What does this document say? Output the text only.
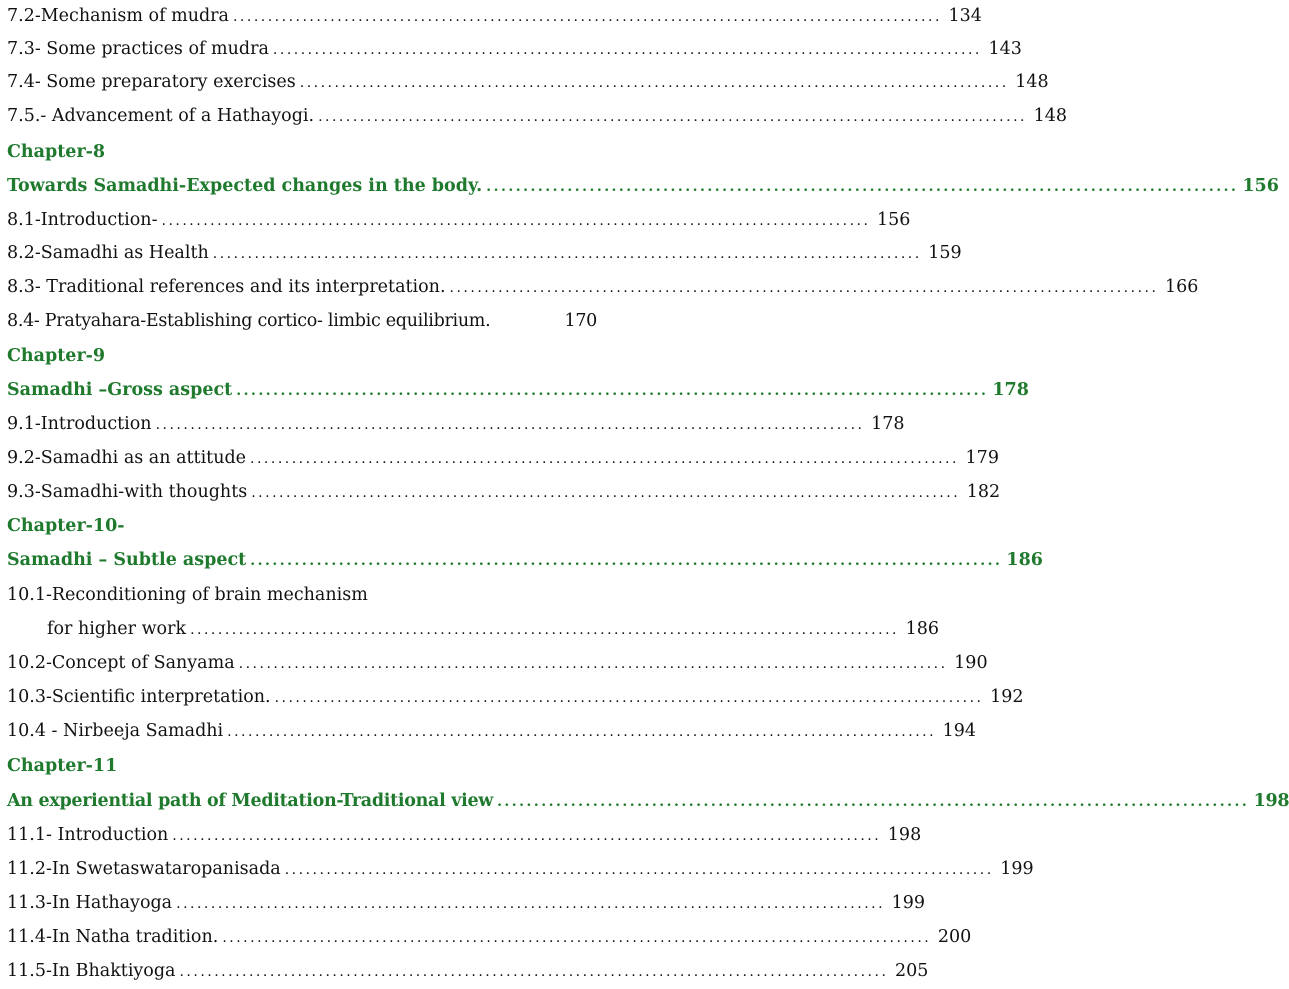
7.2-Mechanism of mudra ...................................................................................................... 134
7.3- Some practices of mudra ...................................................................................................... 143
7.4- Some preparatory exercises ...................................................................................................... 148
7.5.- Advancement of a Hathayogi. ...................................................................................................... 148
Chapter-8
Towards Samadhi-Expected changes in the body. ...................................................................................................... 156
8.1-Introduction- ...................................................................................................... 156
8.2-Samadhi as Health ...................................................................................................... 159
8.3- Traditional references and its interpretation. ...................................................................................................... 166
8.4- Pratyahara-Establishing cortico- limbic equilibrium.	170
Chapter-9
Samadhi –Gross aspect ...................................................................................................... 178
9.1-Introduction ...................................................................................................... 178
9.2-Samadhi as an attitude ...................................................................................................... 179
9.3-Samadhi-with thoughts ...................................................................................................... 182
Chapter-10-
Samadhi – Subtle aspect ...................................................................................................... 186
10.1-Reconditioning of brain mechanism
for higher work ...................................................................................................... 186
10.2-Concept of Sanyama ...................................................................................................... 190
10.3-Scientific interpretation. ...................................................................................................... 192
10.4 - Nirbeeja Samadhi ...................................................................................................... 194
Chapter-11
An experiential path of Meditation-Traditional view ...................................................................................................... 198
11.1- Introduction ...................................................................................................... 198
11.2-In Swetaswataropanisada ...................................................................................................... 199
11.3-In Hathayoga ...................................................................................................... 199
11.4-In Natha tradition. ...................................................................................................... 200
11.5-In Bhaktiyoga ...................................................................................................... 205
